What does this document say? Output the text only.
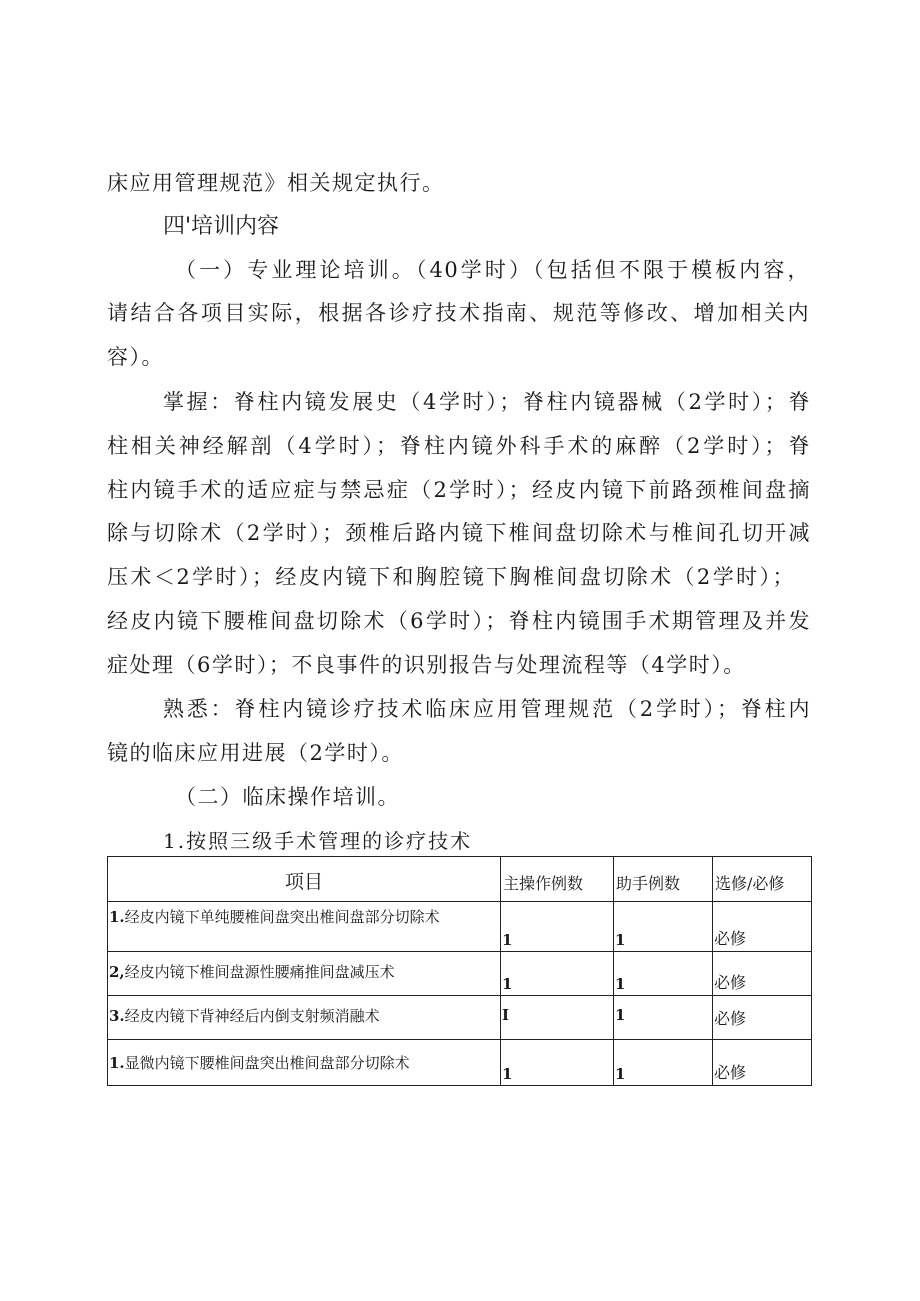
床应用管理规范》相关规定执行。
四'培训内容
（一）专业理论培训。（40学时）（包括但不限于模板内容，
请结合各项目实际，根据各诊疗技术指南、规范等修改、增加相关内
容）。
掌握：脊柱内镜发展史（4学时）；脊柱内镜器械（2学时）；脊
柱相关神经解剖（4学时）；脊柱内镜外科手术的麻醉（2学时）；脊
柱内镜手术的适应症与禁忌症（2学时）；经皮内镜下前路颈椎间盘摘
除与切除术（2学时）；颈椎后路内镜下椎间盘切除术与椎间孔切开减
压术＜2学时）；经皮内镜下和胸腔镜下胸椎间盘切除术（2学时）；
经皮内镜下腰椎间盘切除术（6学时）；脊柱内镜围手术期管理及并发
症处理（6学时）；不良事件的识别报告与处理流程等（4学时）。
熟悉：脊柱内镜诊疗技术临床应用管理规范（2学时）；脊柱内
镜的临床应用进展（2学时）。
（二）临床操作培训。
1.按照三级手术管理的诊疗技术
项目	主操作例数	助手例数	选修/必修
1.经皮内镜下单纯腰椎间盘突出椎间盘部分切除术	1	1	必修

2,经皮内镜下椎间盘源性腰痛推间盘减压术	1	1	必修

3.经皮内镜下背神经后内倒支射频消融术	I	1	必修

1.显微内镜下腰椎间盘突出椎间盘部分切除术	1	1	必修
